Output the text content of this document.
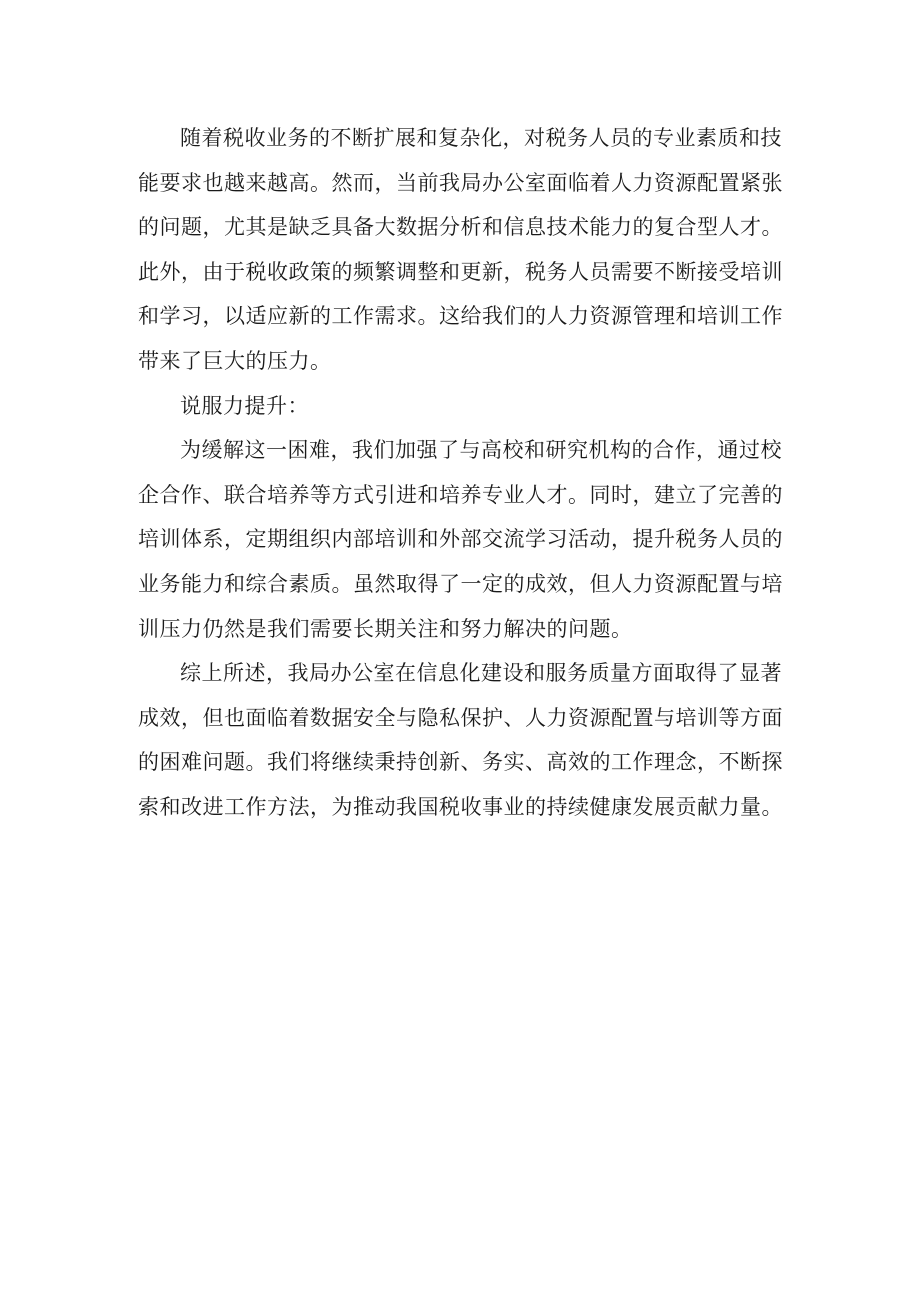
随着税收业务的不断扩展和复杂化，对税务人员的专业素质和技
能要求也越来越高。然而，当前我局办公室面临着人力资源配置紧张
的问题，尤其是缺乏具备大数据分析和信息技术能力的复合型人才。
此外，由于税收政策的频繁调整和更新，税务人员需要不断接受培训
和学习，以适应新的工作需求。这给我们的人力资源管理和培训工作
带来了巨大的压力。

说服力提升：

为缓解这一困难，我们加强了与高校和研究机构的合作，通过校
企合作、联合培养等方式引进和培养专业人才。同时，建立了完善的
培训体系，定期组织内部培训和外部交流学习活动，提升税务人员的
业务能力和综合素质。虽然取得了一定的成效，但人力资源配置与培
训压力仍然是我们需要长期关注和努力解决的问题。

综上所述，我局办公室在信息化建设和服务质量方面取得了显著
成效，但也面临着数据安全与隐私保护、人力资源配置与培训等方面
的困难问题。我们将继续秉持创新、务实、高效的工作理念，不断探
索和改进工作方法，为推动我国税收事业的持续健康发展贡献力量。
